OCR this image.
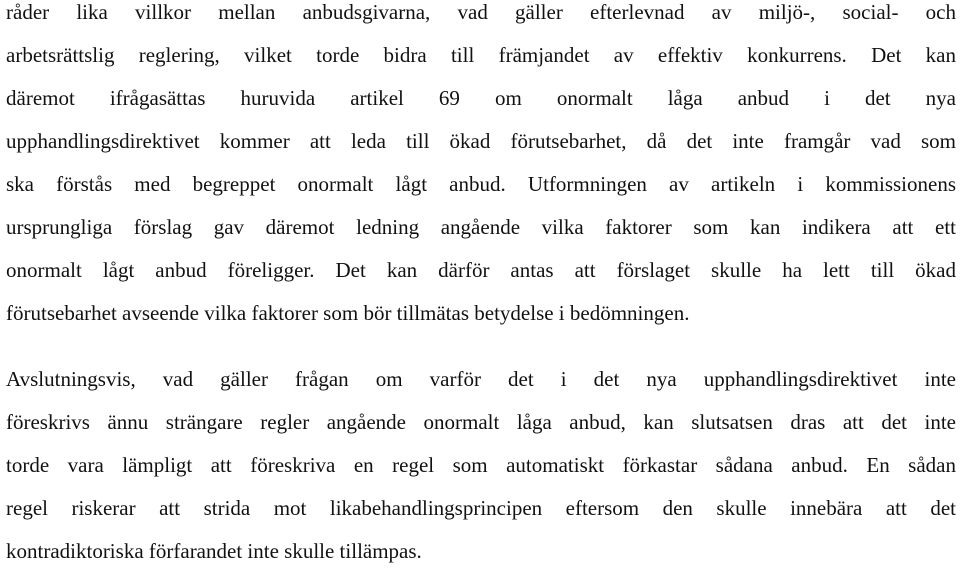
råder lika villkor mellan anbudsgivarna, vad gäller efterlevnad av miljö-, social- och
arbetsrättslig reglering, vilket torde bidra till främjandet av effektiv konkurrens. Det kan
däremot ifrågasättas huruvida artikel 69 om onormalt låga anbud i det nya
upphandlingsdirektivet kommer att leda till ökad förutsebarhet, då det inte framgår vad som
ska förstås med begreppet onormalt lågt anbud. Utformningen av artikeln i kommissionens
ursprungliga förslag gav däremot ledning angående vilka faktorer som kan indikera att ett
onormalt lågt anbud föreligger. Det kan därför antas att förslaget skulle ha lett till ökad
förutsebarhet avseende vilka faktorer som bör tillmätas betydelse i bedömningen.
Avslutningsvis, vad gäller frågan om varför det i det nya upphandlingsdirektivet inte
föreskrivs ännu strängare regler angående onormalt låga anbud, kan slutsatsen dras att det inte
torde vara lämpligt att föreskriva en regel som automatiskt förkastar sådana anbud. En sådan
regel riskerar att strida mot likabehandlingsprincipen eftersom den skulle innebära att det
kontradiktoriska förfarandet inte skulle tillämpas.
